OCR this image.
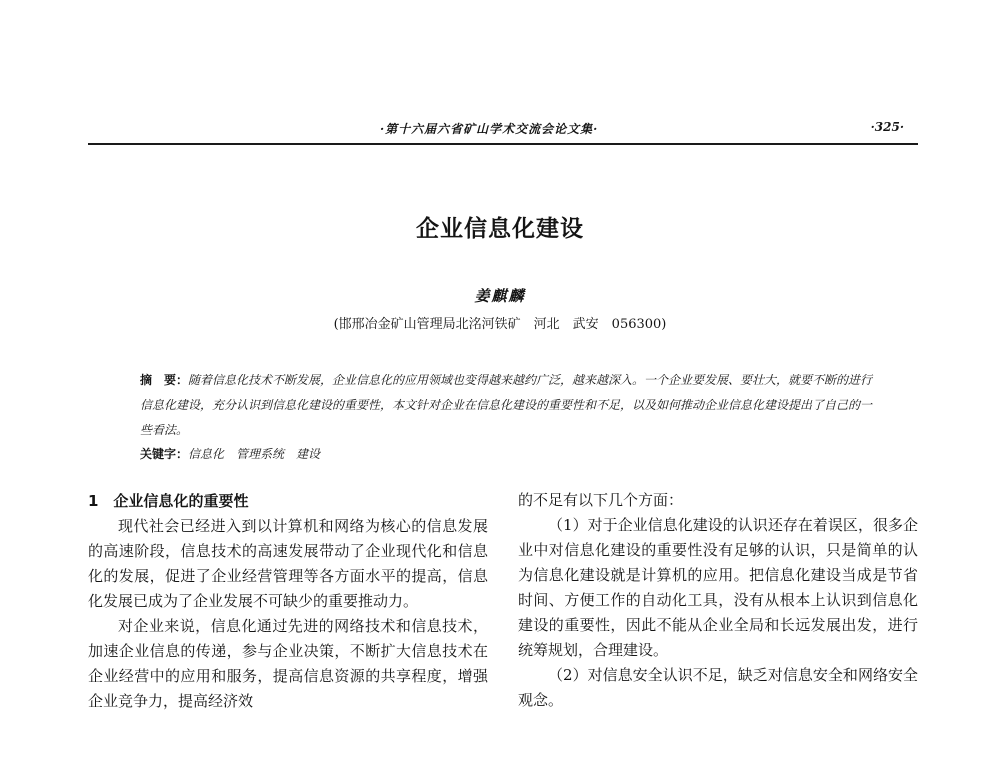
·第十六届六省矿山学术交流会论文集·	·325·
企业信息化建设
姜麒麟
(邯邢冶金矿山管理局北洺河铁矿　河北　武安　056300)
摘　要：随着信息化技术不断发展，企业信息化的应用领域也变得越来越约广泛，越来越深入。一个企业要发展、要壮大，就要不断的进行信息化建设，充分认识到信息化建设的重要性，本文针对企业在信息化建设的重要性和不足，以及如何推动企业信息化建设提出了自己的一些看法。
关键字：信息化　管理系统　建设
1　企业信息化的重要性

现代社会已经进入到以计算机和网络为核心的信息发展的高速阶段，信息技术的高速发展带动了企业现代化和信息化的发展，促进了企业经营管理等各方面水平的提高，信息化发展已成为了企业发展不可缺少的重要推动力。

对企业来说，信息化通过先进的网络技术和信息技术，加速企业信息的传递，参与企业决策，不断扩大信息技术在企业经营中的应用和服务，提高信息资源的共享程度，增强企业竞争力，提高经济效

的不足有以下几个方面：

（1）对于企业信息化建设的认识还存在着误区，很多企业中对信息化建设的重要性没有足够的认识，只是简单的认为信息化建设就是计算机的应用。把信息化建设当成是节省时间、方便工作的自动化工具，没有从根本上认识到信息化建设的重要性，因此不能从企业全局和长远发展出发，进行统筹规划，合理建设。

（2）对信息安全认识不足，缺乏对信息安全和网络安全观念。
